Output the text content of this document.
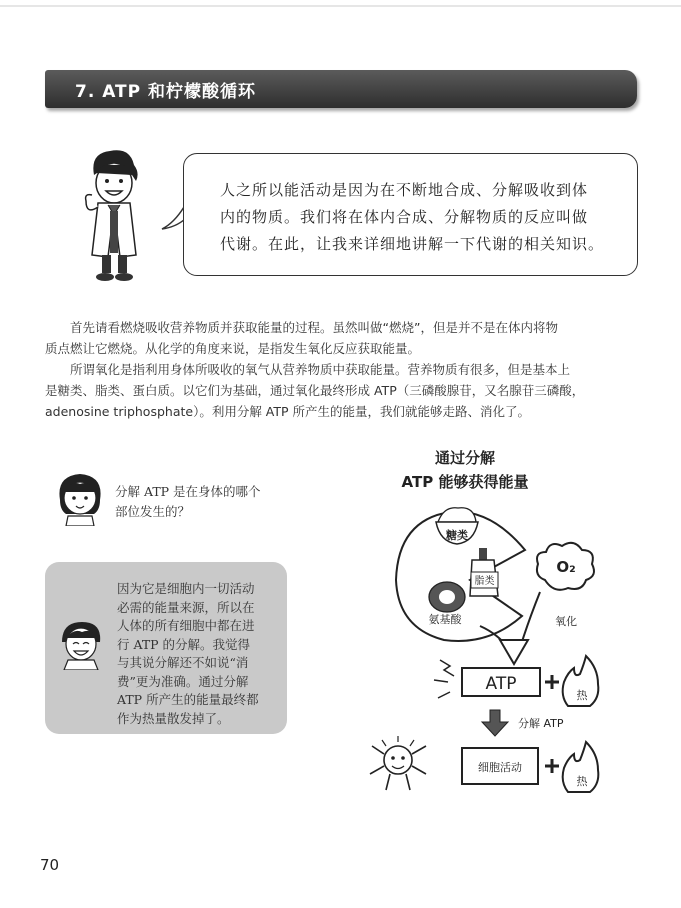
7. ATP 和柠檬酸循环
人之所以能活动是因为在不断地合成、分解吸收到体
内的物质。我们将在体内合成、分解物质的反应叫做
代谢。在此，让我来详细地讲解一下代谢的相关知识。

首先请看燃烧吸收营养物质并获取能量的过程。虽然叫做“燃烧”，但是并不是在体内将物
质点燃让它燃烧。从化学的角度来说，是指发生氧化反应获取能量。

所谓氧化是指利用身体所吸收的氧气从营养物质中获取能量。营养物质有很多，但是基本上
是糖类、脂类、蛋白质。以它们为基础，通过氧化最终形成 ATP（三磷酸腺苷，又名腺苷三磷酸，
adenosine triphosphate）。利用分解 ATP 所产生的能量，我们就能够走路、消化了。

分解 ATP 是在身体的哪个
部位发生的？
因为它是细胞内一切活动
必需的能量来源，所以在
人体的所有细胞中都在进
行 ATP 的分解。我觉得
与其说分解还不如说“消
费”更为准确。通过分解
ATP 所产生的能量最终都
作为热量散发掉了。
通过分解
ATP 能够获得能量
糖类
脂类
氨基酸
O₂
氧化
ATP
热
分解 ATP
细胞活动
热
70
